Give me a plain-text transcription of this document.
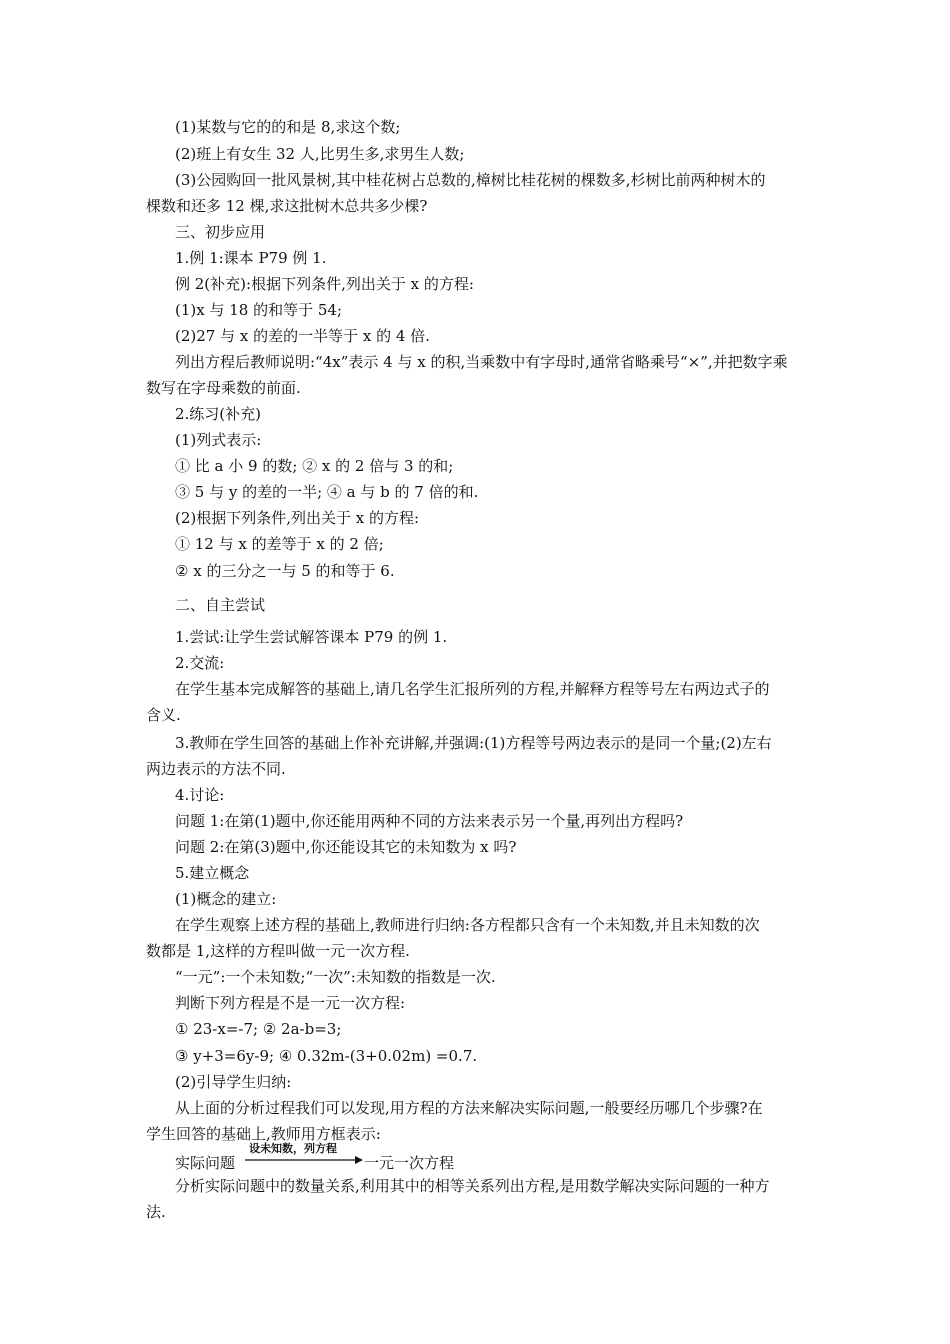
(1)某数与它的的和是 8,求这个数;
(2)班上有女生 32 人,比男生多,求男生人数;
(3)公园购回一批风景树,其中桂花树占总数的,樟树比桂花树的棵数多,杉树比前两种树木的
棵数和还多 12 棵,求这批树木总共多少棵?
三、初步应用
1.例 1:课本 P79 例 1.
例 2(补充):根据下列条件,列出关于 x 的方程:
(1)x 与 18 的和等于 54;
(2)27 与 x 的差的一半等于 x 的 4 倍.
列出方程后教师说明:“4x”表示 4 与 x 的积,当乘数中有字母时,通常省略乘号“×”,并把数字乘
数写在字母乘数的前面.
2.练习(补充)
(1)列式表示:
① 比 a 小 9 的数; ② x 的 2 倍与 3 的和;
③ 5 与 y 的差的一半; ④ a 与 b 的 7 倍的和.
(2)根据下列条件,列出关于 x 的方程:
① 12 与 x 的差等于 x 的 2 倍;
② x 的三分之一与 5 的和等于 6.
二、自主尝试
1.尝试:让学生尝试解答课本 P79 的例 1.
2.交流:
在学生基本完成解答的基础上,请几名学生汇报所列的方程,并解释方程等号左右两边式子的
含义.
3.教师在学生回答的基础上作补充讲解,并强调:(1)方程等号两边表示的是同一个量;(2)左右
两边表示的方法不同.
4.讨论:
问题 1:在第(1)题中,你还能用两种不同的方法来表示另一个量,再列出方程吗?
问题 2:在第(3)题中,你还能设其它的未知数为 x 吗?
5.建立概念
(1)概念的建立:
在学生观察上述方程的基础上,教师进行归纳:各方程都只含有一个未知数,并且未知数的次
数都是 1,这样的方程叫做一元一次方程.
“一元”:一个未知数;“一次”:未知数的指数是一次.
判断下列方程是不是一元一次方程:
① 23-x=-7; ② 2a-b=3;
③ y+3=6y-9; ④ 0.32m-(3+0.02m) =0.7.
(2)引导学生归纳:
从上面的分析过程我们可以发现,用方程的方法来解决实际问题,一般要经历哪几个步骤?在
学生回答的基础上,教师用方框表示:
实际问题
设未知数，列方程
一元一次方程
分析实际问题中的数量关系,利用其中的相等关系列出方程,是用数学解决实际问题的一种方
法.
